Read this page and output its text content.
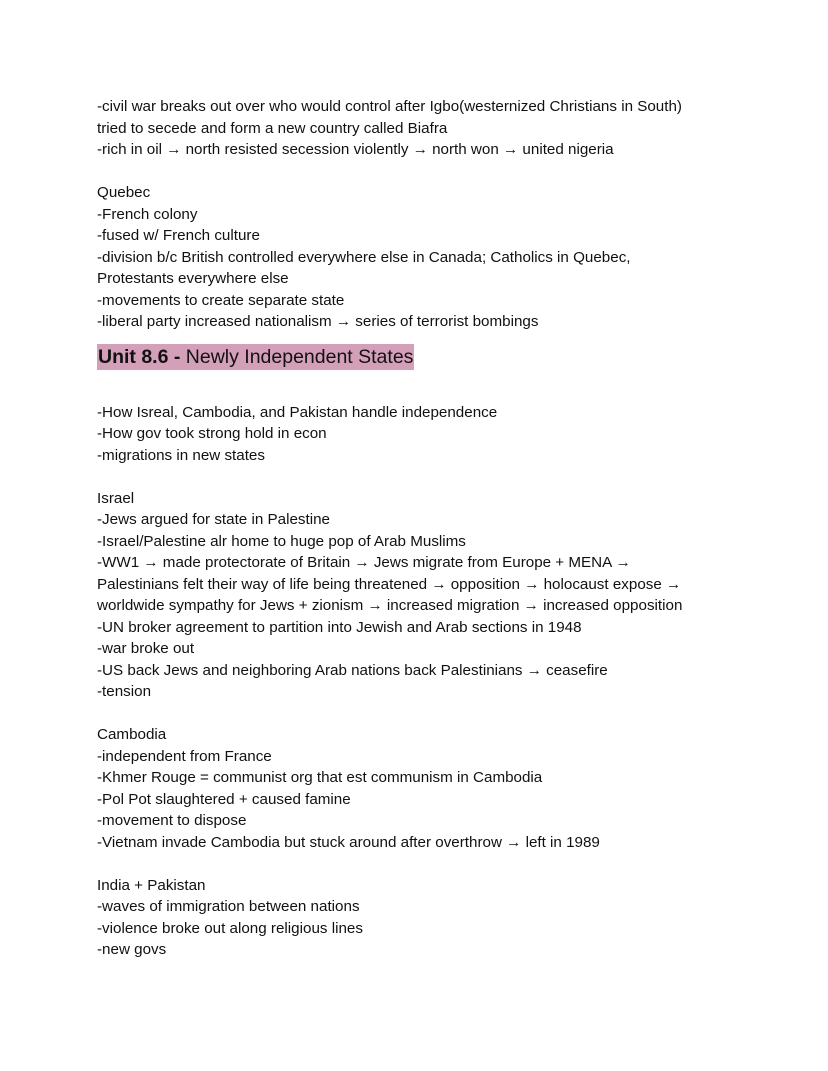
-civil war breaks out over who would control after Igbo(westernized Christians in South)
tried to secede and form a new country called Biafra
-rich in oil → north resisted secession violently → north won → united nigeria
Quebec
-French colony
-fused w/ French culture
-division b/c British controlled everywhere else in Canada; Catholics in Quebec,
Protestants everywhere else
-movements to create separate state
-liberal party increased nationalism → series of terrorist bombings
Unit 8.6 - Newly Independent States
-How Isreal, Cambodia, and Pakistan handle independence
-How gov took strong hold in econ
-migrations in new states
Israel
-Jews argued for state in Palestine
-Israel/Palestine alr home to huge pop of Arab Muslims
-WW1 → made protectorate of Britain → Jews migrate from Europe + MENA →
Palestinians felt their way of life being threatened → opposition → holocaust expose →
worldwide sympathy for Jews + zionism → increased migration → increased opposition
-UN broker agreement to partition into Jewish and Arab sections in 1948
-war broke out
-US back Jews and neighboring Arab nations back Palestinians → ceasefire
-tension
Cambodia
-independent from France
-Khmer Rouge = communist org that est communism in Cambodia
-Pol Pot slaughtered + caused famine
-movement to dispose
-Vietnam invade Cambodia but stuck around after overthrow → left in 1989
India + Pakistan
-waves of immigration between nations
-violence broke out along religious lines
-new govs
